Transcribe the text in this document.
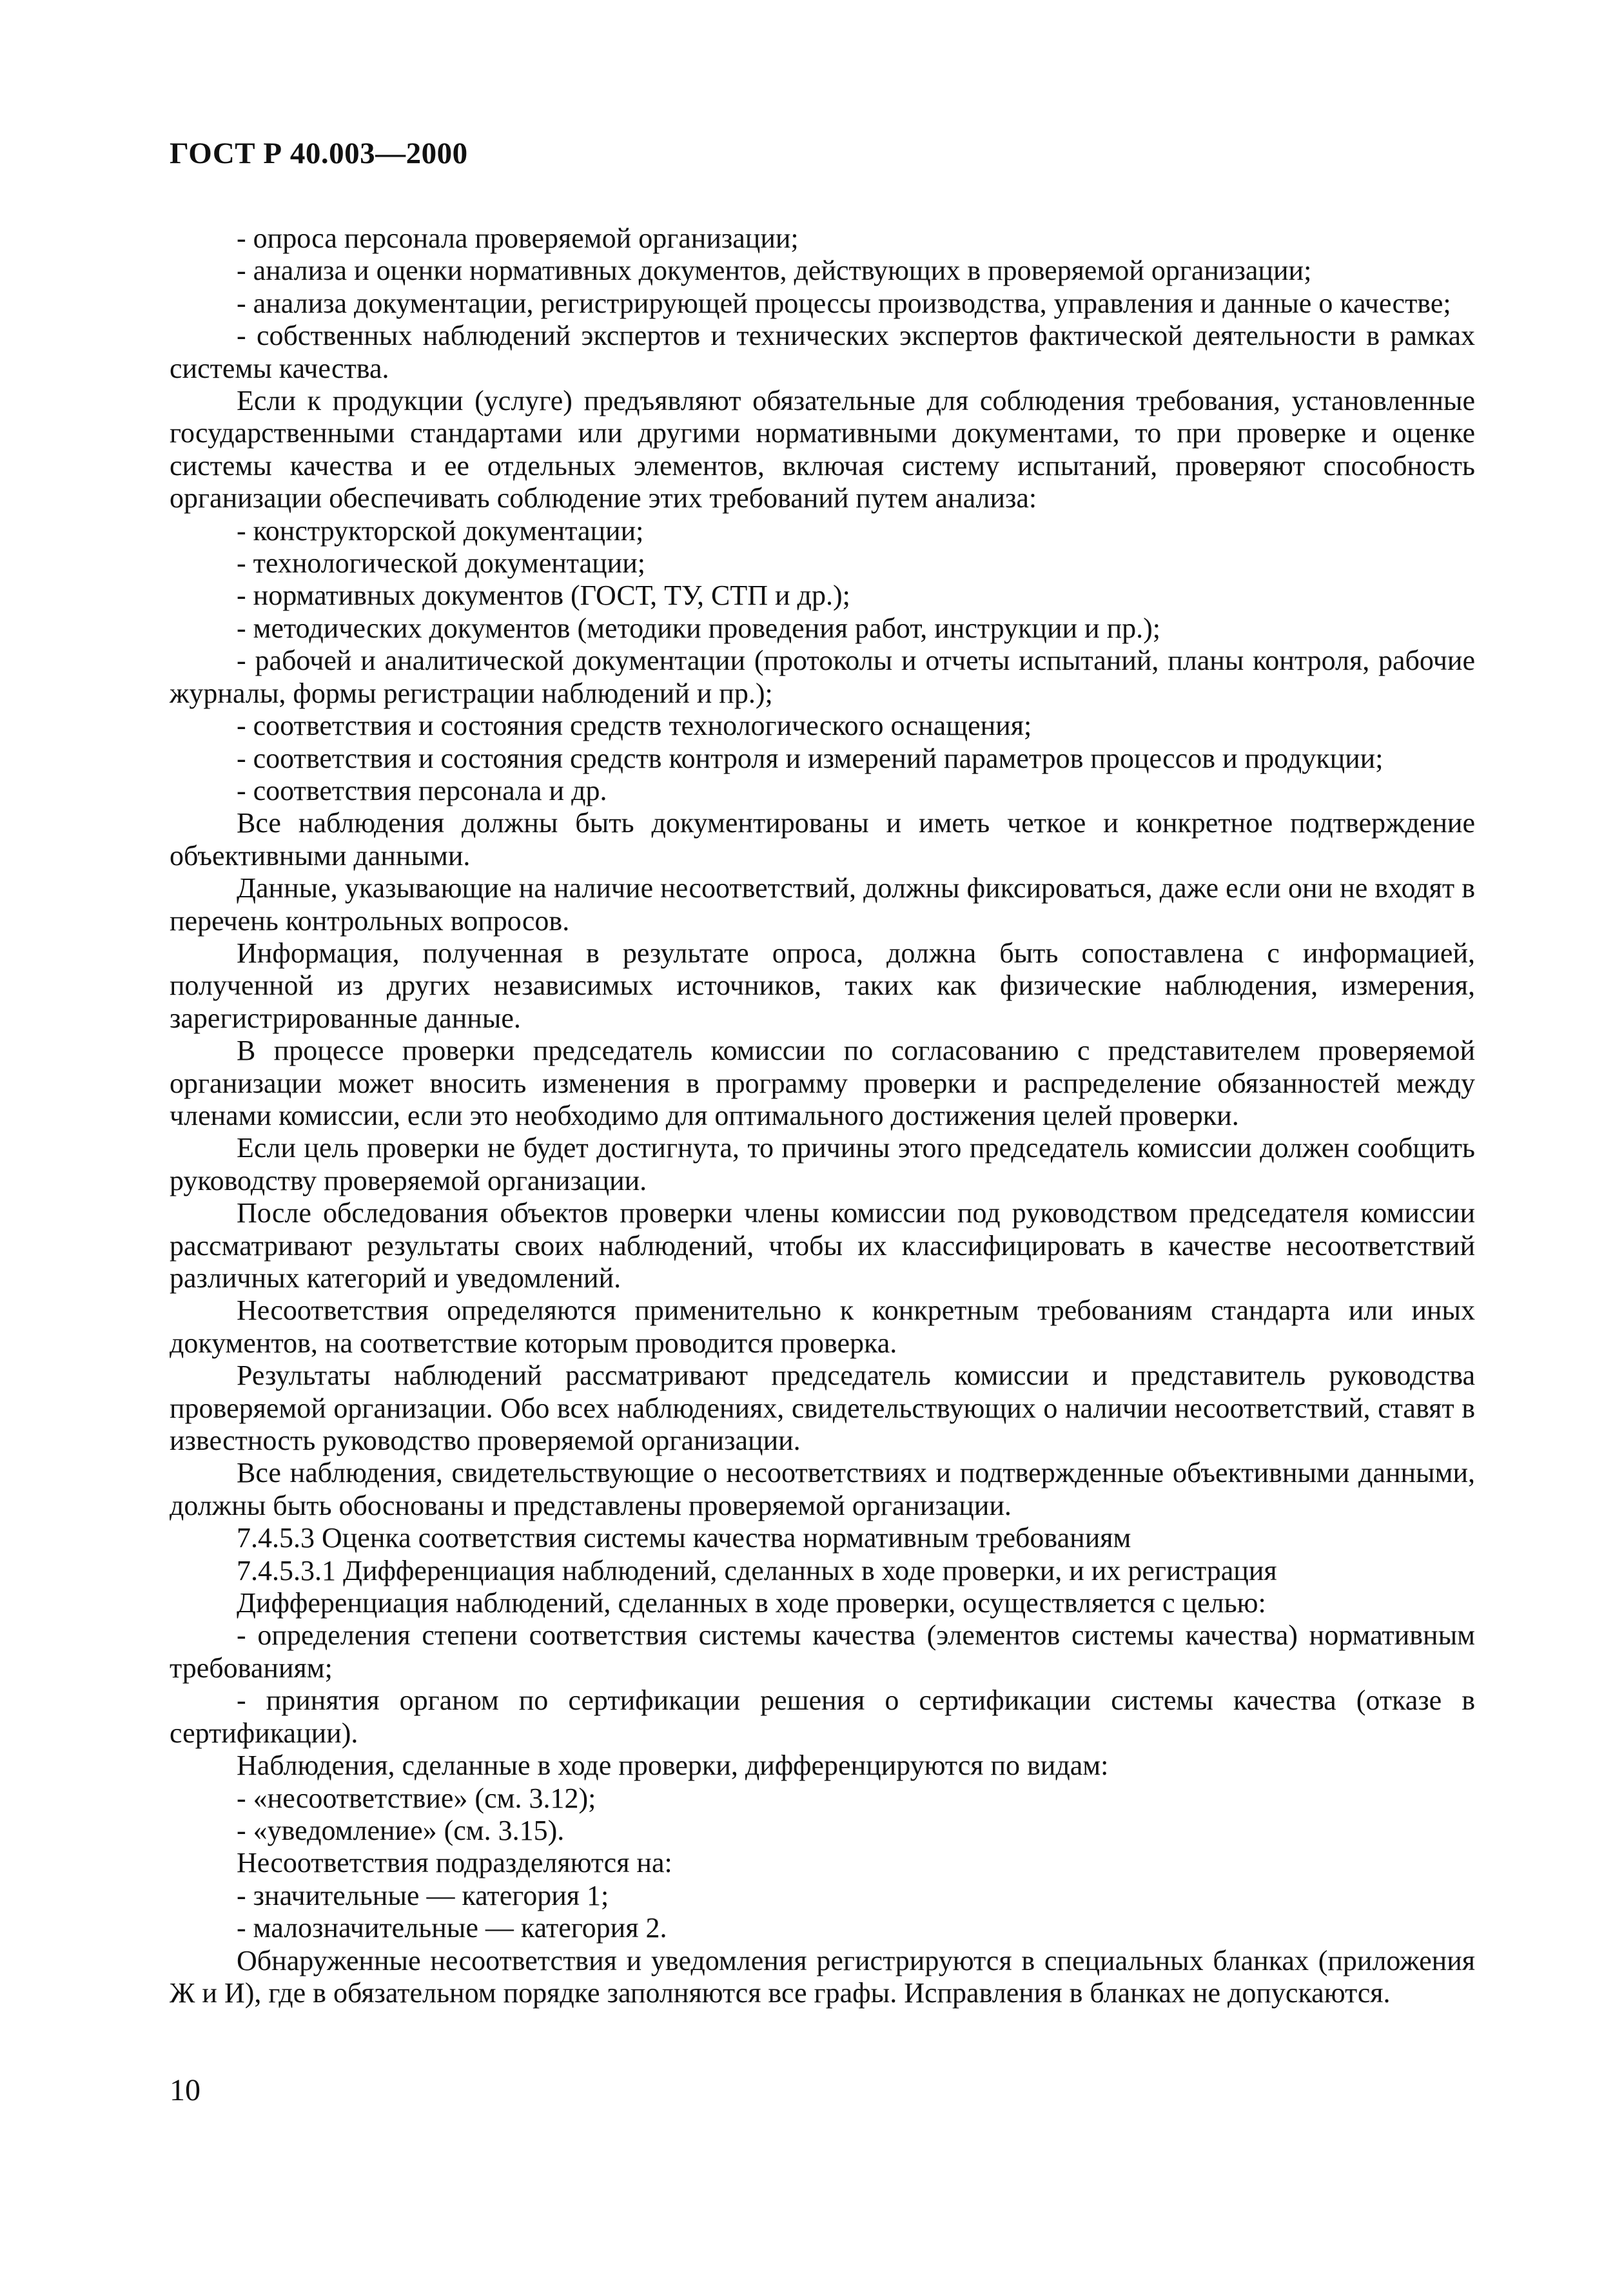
ГОСТ Р 40.003—2000

- опроса персонала проверяемой организации;

- анализа и оценки нормативных документов, действующих в проверяемой организации;

- анализа документации, регистрирующей процессы производства, управления и данные о качестве;

- собственных наблюдений экспертов и технических экспертов фактической деятельности в рамках системы качества.

Если к продукции (услуге) предъявляют обязательные для соблюдения требования, установленные государственными стандартами или другими нормативными документами, то при проверке и оценке системы качества и ее отдельных элементов, включая систему испытаний, проверяют способность организации обеспечивать соблюдение этих требований путем анализа:

- конструкторской документации;

- технологической документации;

- нормативных документов (ГОСТ, ТУ, СТП и др.);

- методических документов (методики проведения работ, инструкции и пр.);

- рабочей и аналитической документации (протоколы и отчеты испытаний, планы контроля, рабочие журналы, формы регистрации наблюдений и пр.);

- соответствия и состояния средств технологического оснащения;

- соответствия и состояния средств контроля и измерений параметров процессов и продукции;

- соответствия персонала и др.

Все наблюдения должны быть документированы и иметь четкое и конкретное подтверждение объективными данными.

Данные, указывающие на наличие несоответствий, должны фиксироваться, даже если они не входят в перечень контрольных вопросов.

Информация, полученная в результате опроса, должна быть сопоставлена с информацией, полученной из других независимых источников, таких как физические наблюдения, измерения, зарегистрированные данные.

В процессе проверки председатель комиссии по согласованию с представителем проверяемой организации может вносить изменения в программу проверки и распределение обязанностей между членами комиссии, если это необходимо для оптимального достижения целей проверки.

Если цель проверки не будет достигнута, то причины этого председатель комиссии должен сообщить руководству проверяемой организации.

После обследования объектов проверки члены комиссии под руководством председателя комиссии рассматривают результаты своих наблюдений, чтобы их классифицировать в качестве несоответствий различных категорий и уведомлений.

Несоответствия определяются применительно к конкретным требованиям стандарта или иных документов, на соответствие которым проводится проверка.

Результаты наблюдений рассматривают председатель комиссии и представитель руководства проверяемой организации. Обо всех наблюдениях, свидетельствующих о наличии несоответствий, ставят в известность руководство проверяемой организации.

Все наблюдения, свидетельствующие о несоответствиях и подтвержденные объективными данными, должны быть обоснованы и представлены проверяемой организации.

7.4.5.3 Оценка соответствия системы качества нормативным требованиям

7.4.5.3.1 Дифференциация наблюдений, сделанных в ходе проверки, и их регистрация

Дифференциация наблюдений, сделанных в ходе проверки, осуществляется с целью:

- определения степени соответствия системы качества (элементов системы качества) нормативным требованиям;

- принятия органом по сертификации решения о сертификации системы качества (отказе в сертификации).

Наблюдения, сделанные в ходе проверки, дифференцируются по видам:

- «несоответствие» (см. 3.12);

- «уведомление» (см. 3.15).

Несоответствия подразделяются на:

- значительные — категория 1;

- малозначительные — категория 2.

Обнаруженные несоответствия и уведомления регистрируются в специальных бланках (приложения Ж и И), где в обязательном порядке заполняются все графы. Исправления в бланках не допускаются.

10
